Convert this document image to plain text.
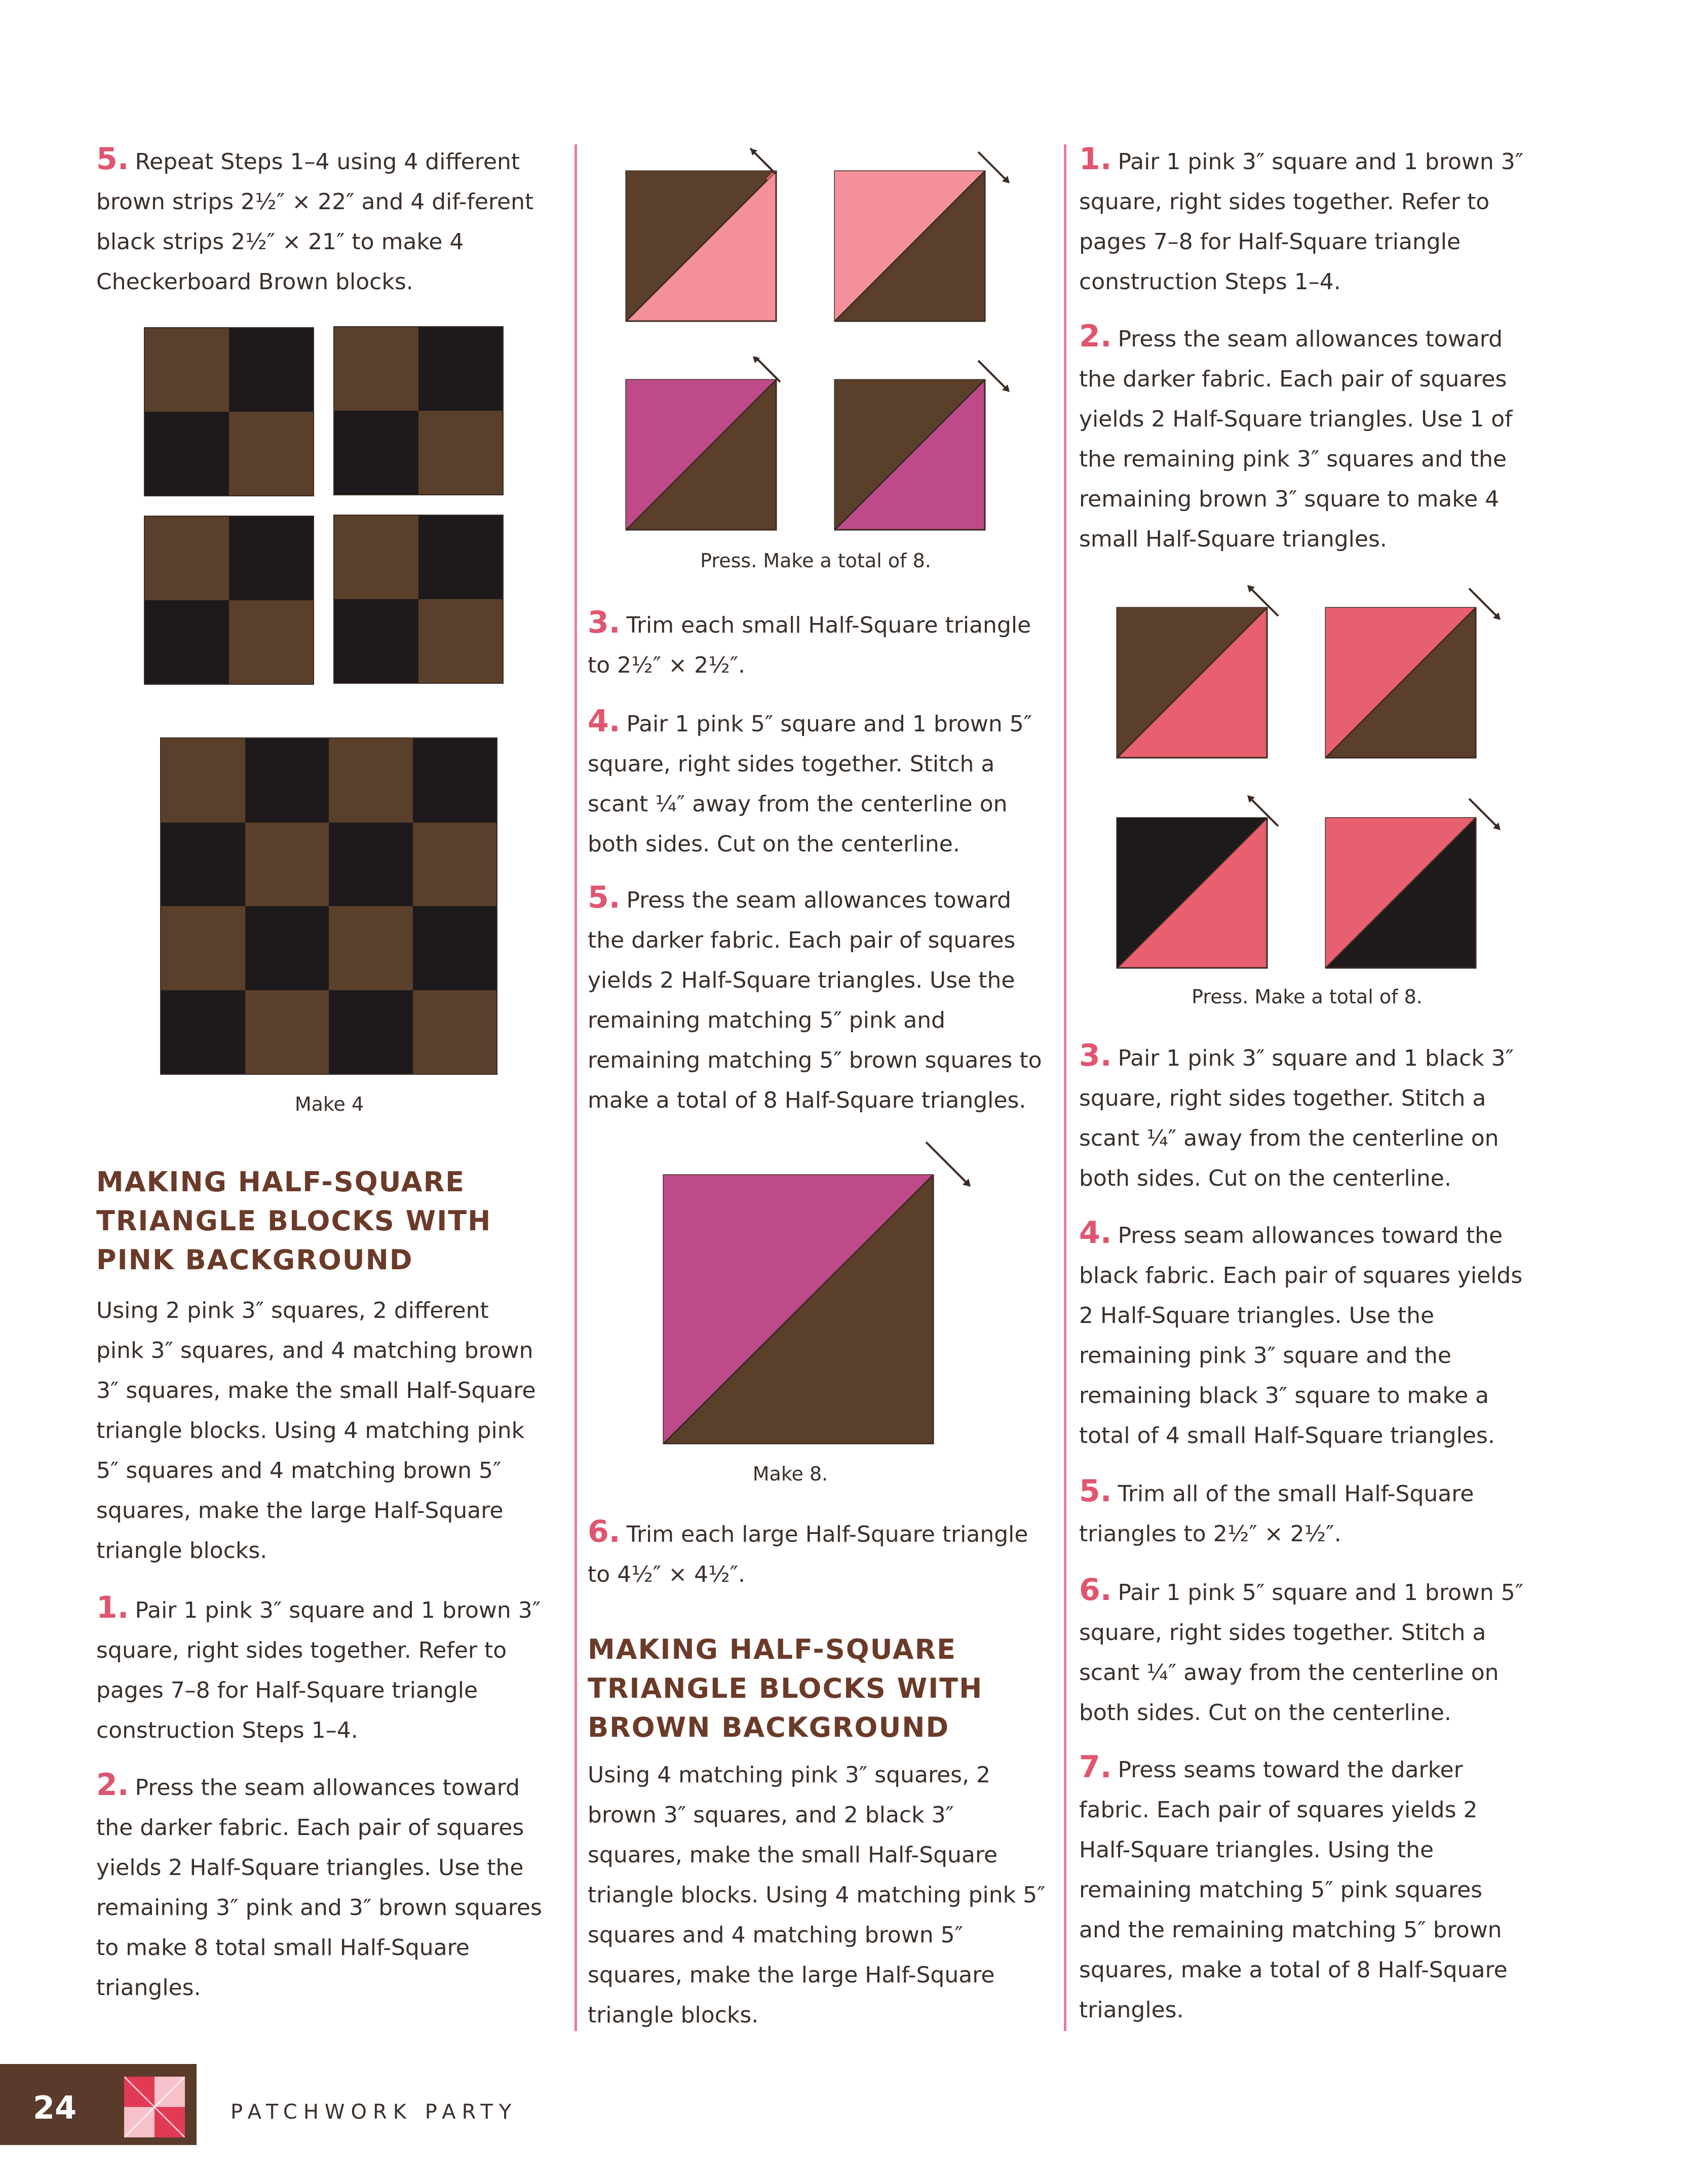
5. Repeat Steps 1–4 using 4 different brown strips 2½″ × 22″ and 4 dif-ferent black strips 2½″ × 21″ to make 4 Checkerboard Brown blocks.
Make 4
MAKING HALF-SQUARE TRIANGLE BLOCKS WITH PINK BACKGROUND

Using 2 pink 3″ squares, 2 different pink 3″ squares, and 4 matching brown 3″ squares, make the small Half-Square triangle blocks. Using 4 matching pink 5″ squares and 4 matching brown 5″ squares, make the large Half-Square triangle blocks.

1. Pair 1 pink 3″ square and 1 brown 3″ square, right sides together. Refer to pages 7–8 for Half-Square triangle construction Steps 1–4.
2. Press the seam allowances toward the darker fabric. Each pair of squares yields 2 Half-Square triangles. Use the remaining 3″ pink and 3″ brown squares to make 8 total small Half-Square triangles.
Press. Make a total of 8.
3. Trim each small Half-Square triangle to 2½″ × 2½″.
4. Pair 1 pink 5″ square and 1 brown 5″ square, right sides together. Stitch a scant ¼″ away from the centerline on both sides. Cut on the centerline.
5. Press the seam allowances toward the darker fabric. Each pair of squares yields 2 Half-Square triangles. Use the remaining matching 5″ pink and remaining matching 5″ brown squares to make a total of 8 Half-Square triangles.
Make 8.
6. Trim each large Half-Square triangle to 4½″ × 4½″.
MAKING HALF-SQUARE TRIANGLE BLOCKS WITH BROWN BACKGROUND

Using 4 matching pink 3″ squares, 2 brown 3″ squares, and 2 black 3″ squares, make the small Half-Square triangle blocks. Using 4 matching pink 5″ squares and 4 matching brown 5″ squares, make the large Half-Square triangle blocks.

1. Pair 1 pink 3″ square and 1 brown 3″ square, right sides together. Refer to pages 7–8 for Half-Square triangle construction Steps 1–4.
2. Press the seam allowances toward the darker fabric. Each pair of squares yields 2 Half-Square triangles. Use 1 of the remaining pink 3″ squares and the remaining brown 3″ square to make 4 small Half-Square triangles.
Press. Make a total of 8.
3. Pair 1 pink 3″ square and 1 black 3″ square, right sides together. Stitch a scant ¼″ away from the centerline on both sides. Cut on the centerline.
4. Press seam allowances toward the black fabric. Each pair of squares yields 2 Half-Square triangles. Use the remaining pink 3″ square and the remaining black 3″ square to make a total of 4 small Half-Square triangles.
5. Trim all of the small Half-Square triangles to 2½″ × 2½″.
6. Pair 1 pink 5″ square and 1 brown 5″ square, right sides together. Stitch a scant ¼″ away from the centerline on both sides. Cut on the centerline.
7. Press seams toward the darker fabric. Each pair of squares yields 2 Half-Square triangles. Using the remaining matching 5″ pink squares and the remaining matching 5″ brown squares, make a total of 8 Half-Square triangles.
24	PATCHWORK PARTY
